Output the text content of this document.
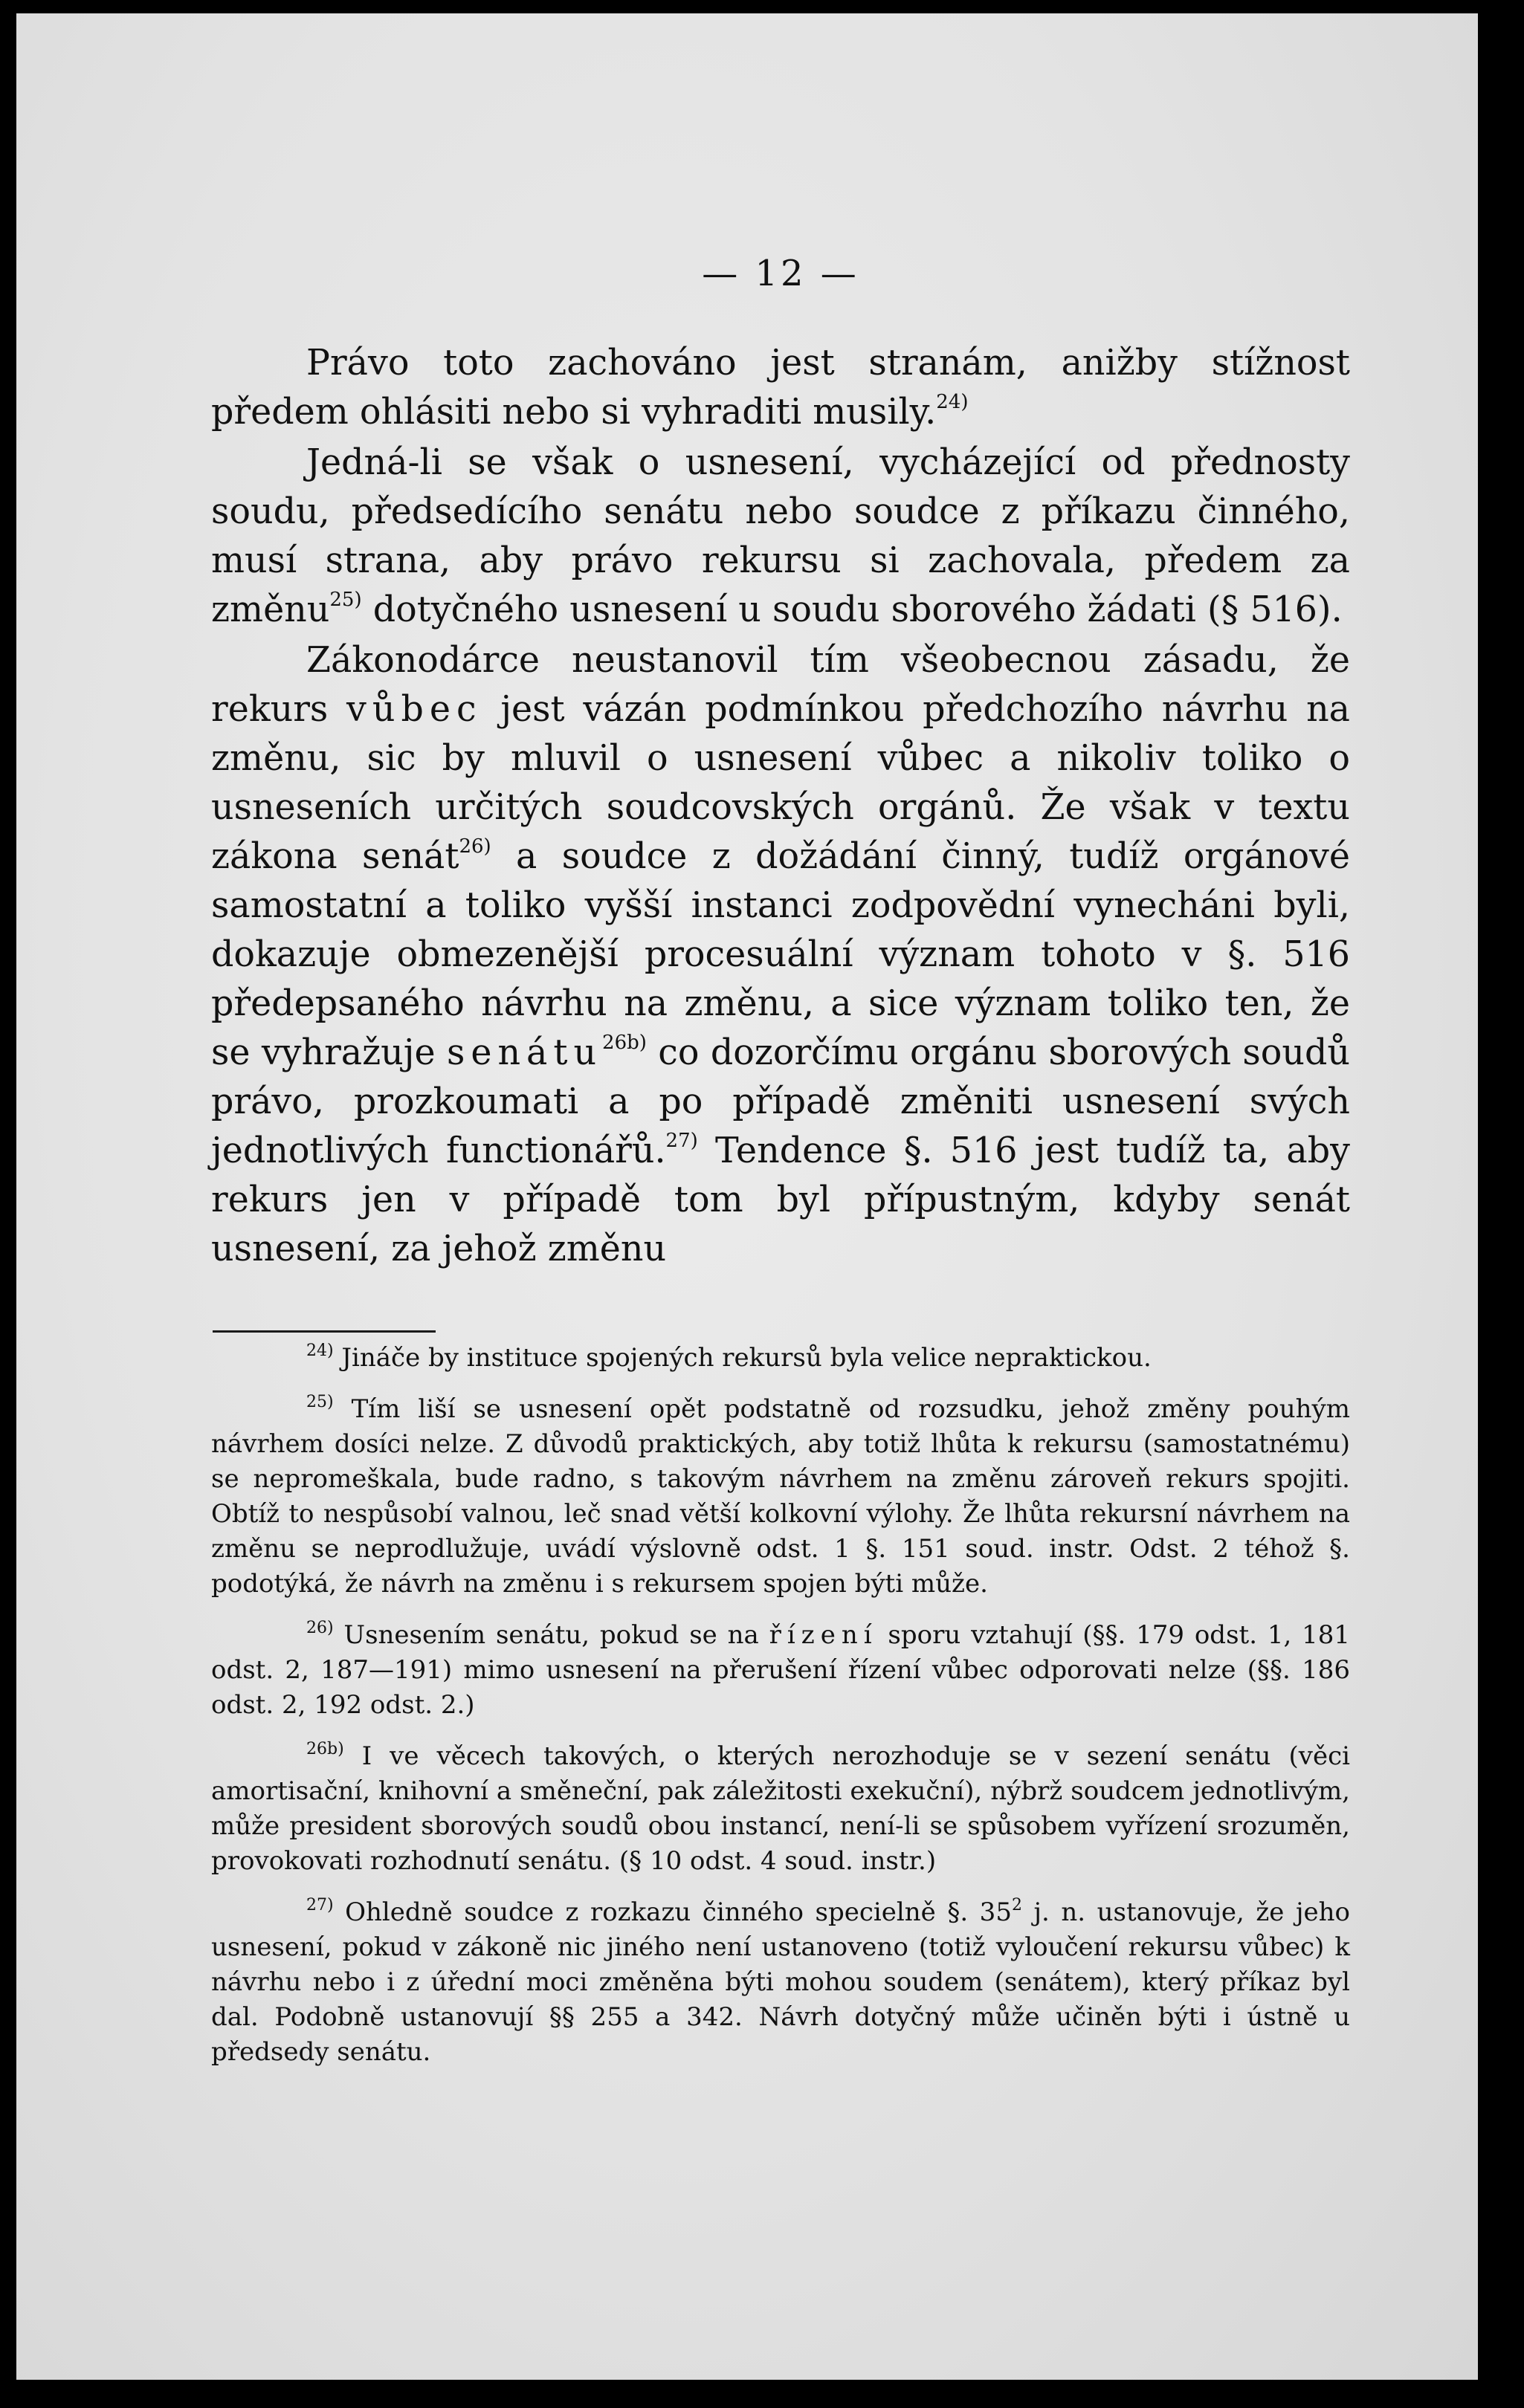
— 12 —

Právo toto zachováno jest stranám, anižby stížnost předem ohlásiti nebo si vyhraditi musily.$^{24)}$

Jedná-li se však o usnesení, vycházející od přednosty soudu, předsedícího senátu nebo soudce z příkazu činného, musí strana, aby právo rekursu si zachovala, předem za změnu$^{25)}$ dotyčného usnesení u soudu sborového žádati (§ 516).

Zákonodárce neustanovil tím všeobecnou zásadu, že rekurs vůbec jest vázán podmínkou předchozího návrhu na změnu, sic by mluvil o usnesení vůbec a nikoliv toliko o usneseních určitých soudcovských orgánů. Že však v textu zákona senát$^{26)}$ a soudce z dožádání činný, tudíž orgánové samostatní a toliko vyšší instanci zodpovědní vynecháni byli, dokazuje obmezenější procesuální význam tohoto v §. 516 předepsaného návrhu na změnu, a sice význam toliko ten, že se vyhražuje senátu$^{26b)}$ co dozorčímu orgánu sborových soudů právo, prozkoumati a po případě změniti usnesení svých jednotlivých functionářů.$^{27)}$ Tendence §. 516 jest tudíž ta, aby rekurs jen v případě tom byl přípustným, kdyby senát usnesení, za jehož změnu

$^{24)}$ Jináče by instituce spojených rekursů byla velice nepraktickou.

$^{25)}$ Tím liší se usnesení opět podstatně od rozsudku, jehož změny pouhým návrhem dosíci nelze. Z důvodů praktických, aby totiž lhůta k rekursu (samostatnému) se nepromeškala, bude radno, s takovým návrhem na změnu zároveň rekurs spojiti. Obtíž to nespůsobí valnou, leč snad větší kolkovní výlohy. Že lhůta rekursní návrhem na změnu se neprodlužuje, uvádí výslovně odst. 1 §. 151 soud. instr. Odst. 2 téhož §. podotýká, že návrh na změnu i s rekursem spojen býti může.

$^{26)}$ Usnesením senátu, pokud se na řízení sporu vztahují (§§. 179 odst. 1, 181 odst. 2, 187—191) mimo usnesení na přerušení řízení vůbec odporovati nelze (§§. 186 odst. 2, 192 odst. 2.)

$^{26b)}$ I ve věcech takových, o kterých nerozhoduje se v sezení senátu (věci amortisační, knihovní a směneční, pak záležitosti exekuční), nýbrž soudcem jednotlivým, může president sborových soudů obou instancí, není-li se spůsobem vyřízení srozuměn, provokovati rozhodnutí senátu. (§ 10 odst. 4 soud. instr.)

$^{27)}$ Ohledně soudce z rozkazu činného specielně §. $35^2$ j. n. ustanovuje, že jeho usnesení, pokud v zákoně nic jiného není ustanoveno (totiž vyloučení rekursu vůbec) k návrhu nebo i z úřední moci změněna býti mohou soudem (senátem), který příkaz byl dal. Podobně ustanovují §§ 255 a 342. Návrh dotyčný může učiněn býti i ústně u předsedy senátu.
